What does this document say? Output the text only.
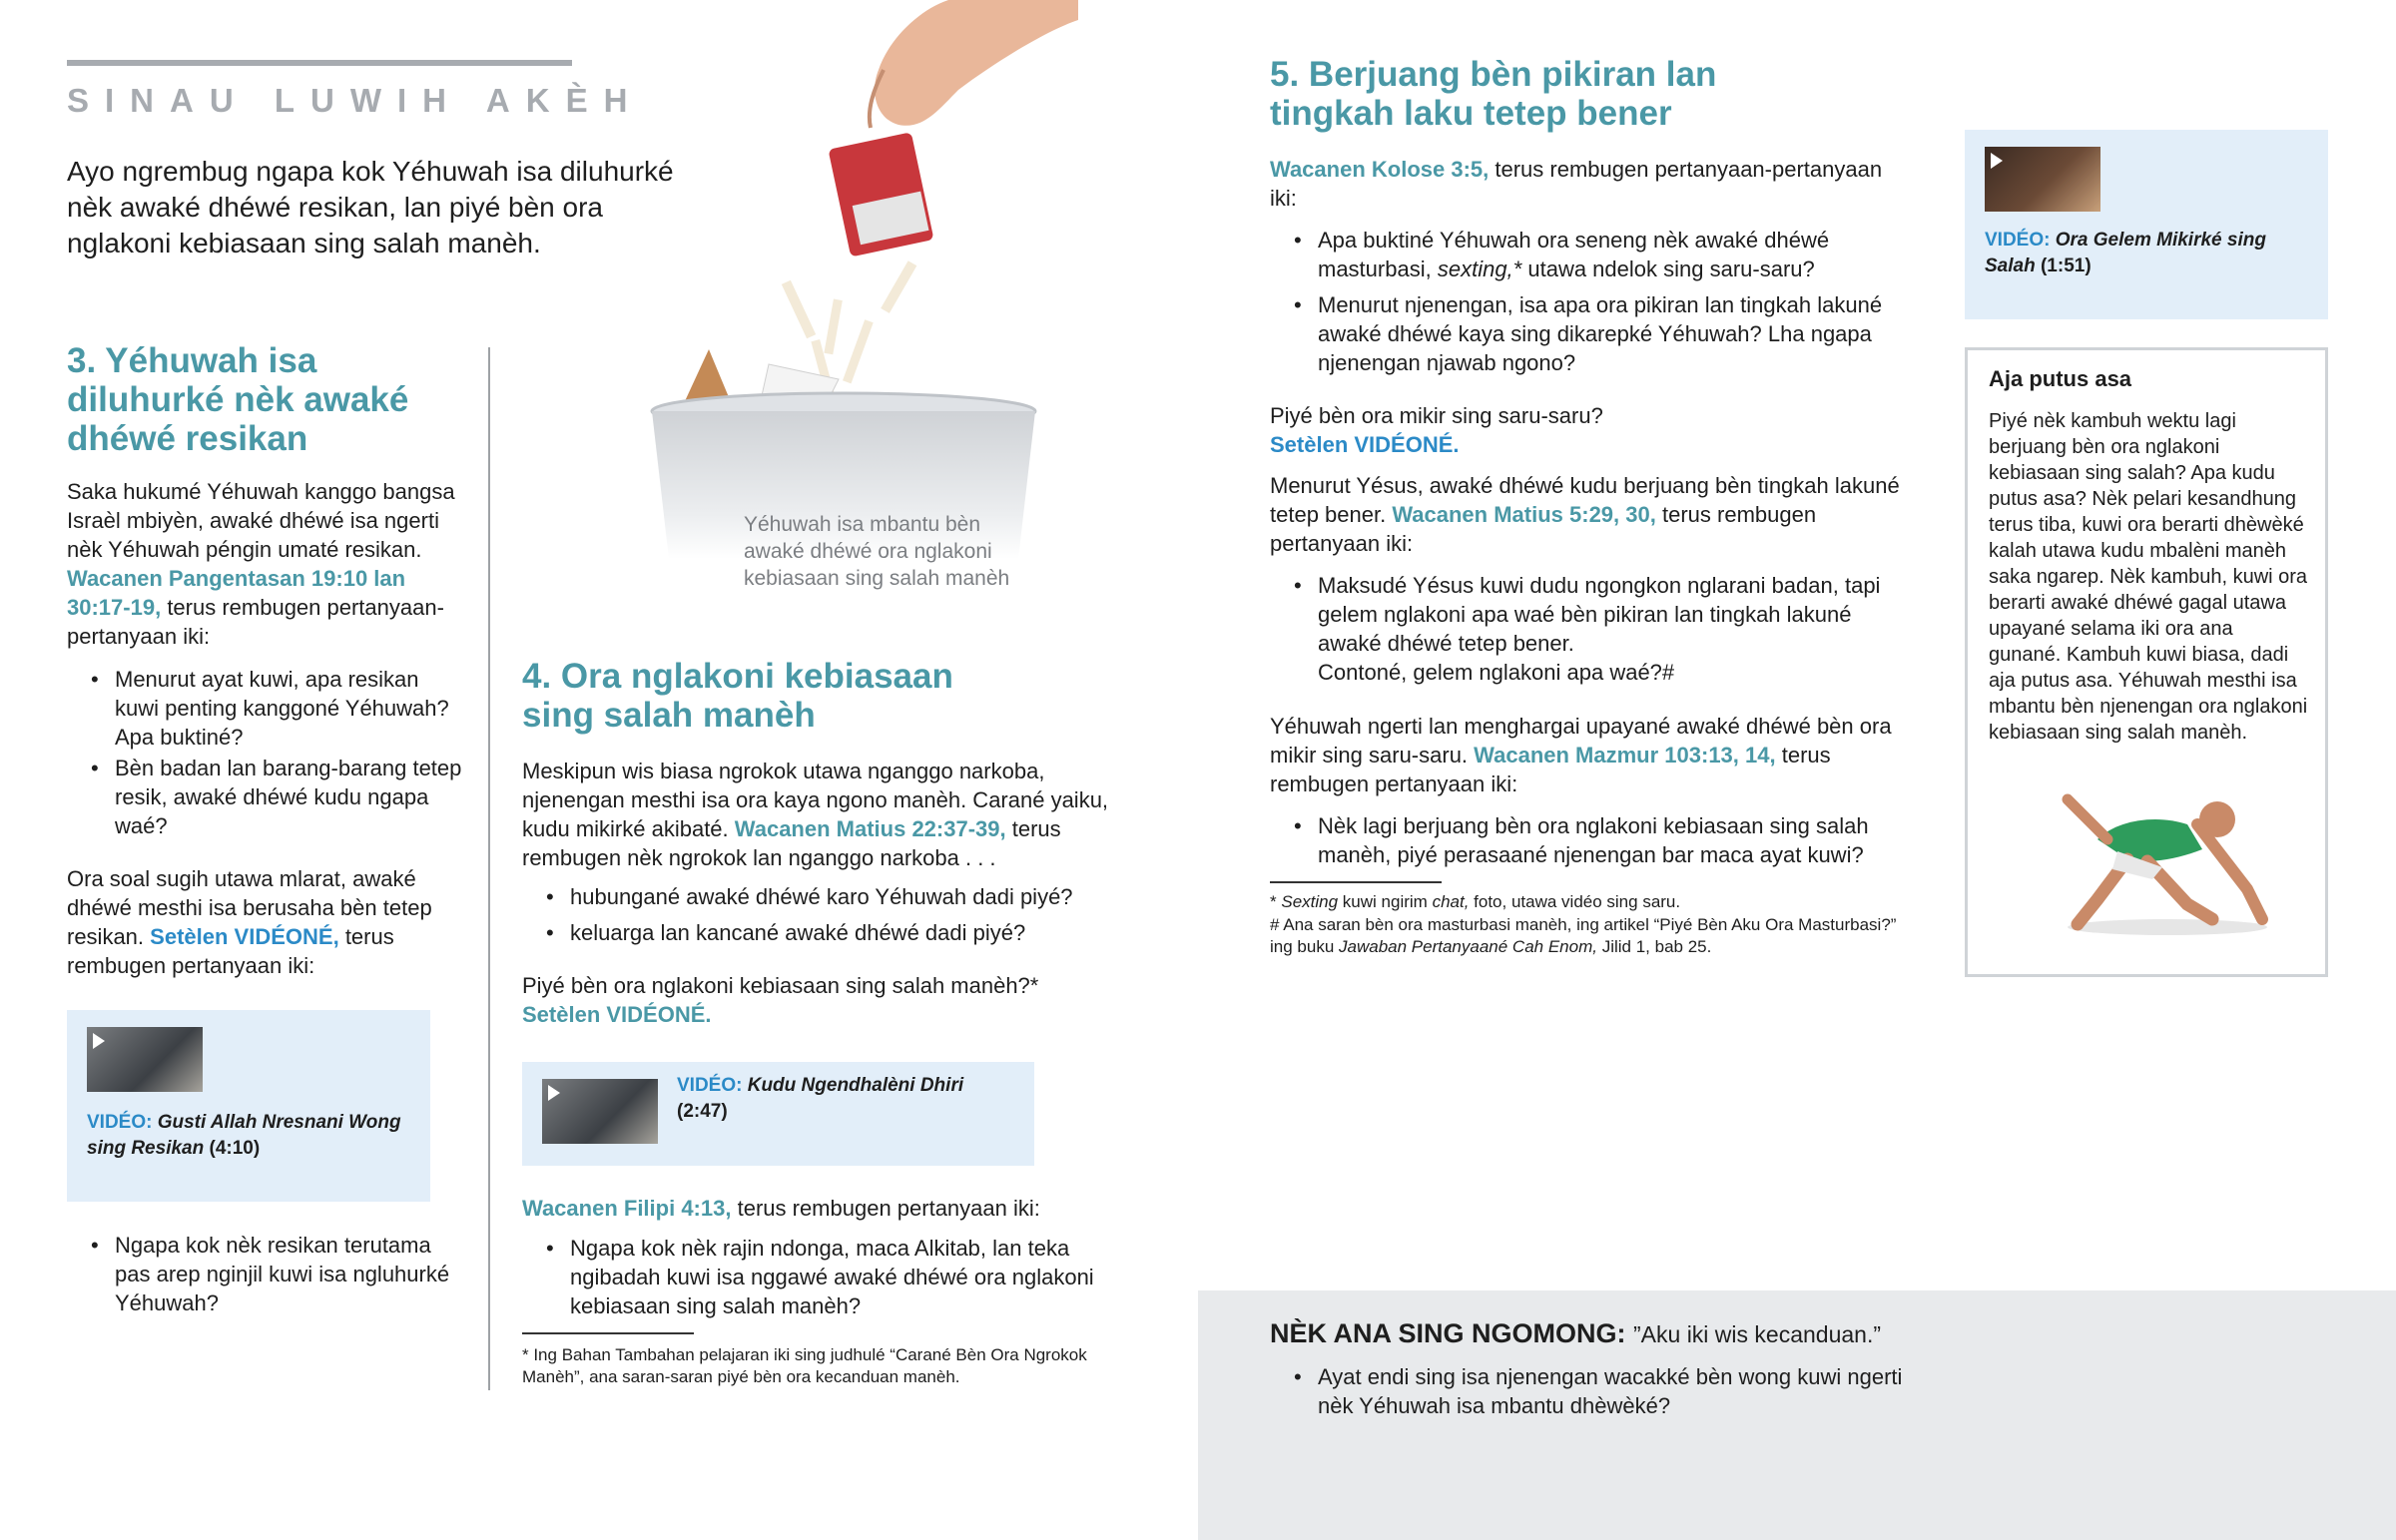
SINAU LUWIH AKÈH

Ayo ngrembug ngapa kok Yéhuwah isa diluhurké nèk awaké dhéwé resikan, lan piyé bèn ora nglakoni kebiasaan sing salah manèh.

Yéhuwah isa mbantu bèn awaké dhéwé ora nglakoni kebiasaan sing salah manèh

3. Yéhuwah isa diluhurké nèk awaké dhéwé resikan

Saka hukumé Yéhuwah kanggo bangsa Israèl mbiyèn, awaké dhéwé isa ngerti nèk Yéhuwah péngin umaté resikan. Wacanen Pangentasan 19:10 lan 30:17-19, terus rembugen pertanyaan-pertanyaan iki:

• Menurut ayat kuwi, apa resikan kuwi penting kanggoné Yéhuwah? Apa buktiné?
• Bèn badan lan barang-barang tetep resik, awaké dhéwé kudu ngapa waé?

Ora soal sugih utawa mlarat, awaké dhéwé mesthi isa berusaha bèn tetep resikan. Setèlen VIDÉONÉ, terus rembugen pertanyaan iki:

VIDÉO: Gusti Allah Nresnani Wong sing Resikan (4:10)

• Ngapa kok nèk resikan terutama pas arep nginjil kuwi isa ngluhurké Yéhuwah?
4. Ora nglakoni kebiasaan sing salah manèh

Meskipun wis biasa ngrokok utawa nganggo narkoba, njenengan mesthi isa ora kaya ngono manèh. Carané yaiku, kudu mikirké akibaté. Wacanen Matius 22:37-39, terus rembugen nèk ngrokok lan nganggo narkoba . . .

• hubungané awaké dhéwé karo Yéhuwah dadi piyé?
• keluarga lan kancané awaké dhéwé dadi piyé?

Piyé bèn ora nglakoni kebiasaan sing salah manèh?*
Setèlen VIDÉONÉ.

VIDÉO: Kudu Ngendhalèni Dhiri (2:47)

Wacanen Filipi 4:13, terus rembugen pertanyaan iki:

• Ngapa kok nèk rajin ndonga, maca Alkitab, lan teka ngibadah kuwi isa nggawé awaké dhéwé ora nglakoni kebiasaan sing salah manèh?

* Ing Bahan Tambahan pelajaran iki sing judhulé “Carané Bèn Ora Ngrokok Manèh”, ana saran-saran piyé bèn ora kecanduan manèh.

5. Berjuang bèn pikiran lan tingkah laku tetep bener

Wacanen Kolose 3:5, terus rembugen pertanyaan-pertanyaan iki:

• Apa buktiné Yéhuwah ora seneng nèk awaké dhéwé masturbasi, sexting,* utawa ndelok sing saru-saru?
• Menurut njenengan, isa apa ora pikiran lan tingkah lakuné awaké dhéwé kaya sing dikarepké Yéhuwah? Lha ngapa njenengan njawab ngono?

Piyé bèn ora mikir sing saru-saru?
Setèlen VIDÉONÉ.

Menurut Yésus, awaké dhéwé kudu berjuang bèn tingkah lakuné tetep bener. Wacanen Matius 5:29, 30, terus rembugen pertanyaan iki:

• Maksudé Yésus kuwi dudu ngongkon nglarani badan, tapi gelem nglakoni apa waé bèn pikiran lan tingkah lakuné awaké dhéwé tetep bener.
Contoné, gelem nglakoni apa waé?#

Yéhuwah ngerti lan menghargai upayané awaké dhéwé bèn ora mikir sing saru-saru. Wacanen Mazmur 103:13, 14, terus rembugen pertanyaan iki:

• Nèk lagi berjuang bèn ora nglakoni kebiasaan sing salah manèh, piyé perasaané njenengan bar maca ayat kuwi?

* Sexting kuwi ngirim chat, foto, utawa vidéo sing saru.

# Ana saran bèn ora masturbasi manèh, ing artikel “Piyé Bèn Aku Ora Masturbasi?” ing buku Jawaban Pertanyaané Cah Enom, Jilid 1, bab 25.

VIDÉO: Ora Gelem Mikirké sing Salah (1:51)

Aja putus asa

Piyé nèk kambuh wektu lagi berjuang bèn ora nglakoni kebiasaan sing salah? Apa kudu putus asa? Nèk pelari kesandhung terus tiba, kuwi ora berarti dhèwèké kalah utawa kudu mbalèni manèh saka ngarep. Nèk kambuh, kuwi ora berarti awaké dhéwé gagal utawa upayané selama iki ora ana gunané. Kambuh kuwi biasa, dadi aja putus asa. Yéhuwah mesthi isa mbantu bèn njenengan ora nglakoni kebiasaan sing salah manèh.

NÈK ANA SING NGOMONG: ”Aku iki wis kecanduan.”

• Ayat endi sing isa njenengan wacakké bèn wong kuwi ngerti nèk Yéhuwah isa mbantu dhèwèké?
